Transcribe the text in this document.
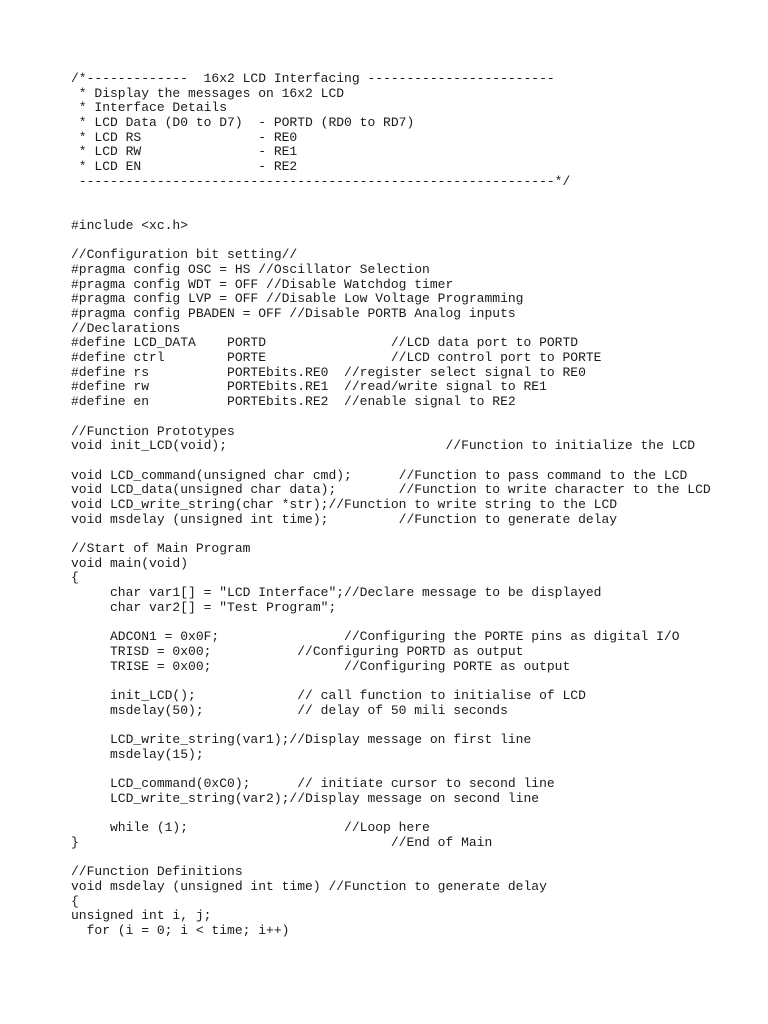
/*-------------  16x2 LCD Interfacing ------------------------
* Display the messages on 16x2 LCD
* Interface Details
* LCD Data (D0 to D7)  - PORTD (RD0 to RD7)
* LCD RS               - RE0
* LCD RW               - RE1
* LCD EN               - RE2
-------------------------------------------------------------*/
#include <xc.h>
//Configuration bit setting//
#pragma config OSC = HS //Oscillator Selection
#pragma config WDT = OFF //Disable Watchdog timer
#pragma config LVP = OFF //Disable Low Voltage Programming
#pragma config PBADEN = OFF //Disable PORTB Analog inputs
//Declarations
#define LCD_DATA    PORTD                //LCD data port to PORTD
#define ctrl        PORTE                //LCD control port to PORTE
#define rs          PORTEbits.RE0  //register select signal to RE0
#define rw          PORTEbits.RE1  //read/write signal to RE1
#define en          PORTEbits.RE2  //enable signal to RE2
//Function Prototypes
void init_LCD(void);                            //Function to initialize the LCD
void LCD_command(unsigned char cmd);      //Function to pass command to the LCD
void LCD_data(unsigned char data);        //Function to write character to the LCD
void LCD_write_string(char *str);//Function to write string to the LCD
void msdelay (unsigned int time);         //Function to generate delay
//Start of Main Program
void main(void)
{
char var1[] = "LCD Interface";//Declare message to be displayed
char var2[] = "Test Program";
ADCON1 = 0x0F;                //Configuring the PORTE pins as digital I/O
TRISD = 0x00;           //Configuring PORTD as output
TRISE = 0x00;                 //Configuring PORTE as output
init_LCD();             // call function to initialise of LCD
msdelay(50);            // delay of 50 mili seconds
LCD_write_string(var1);//Display message on first line
msdelay(15);
LCD_command(0xC0);      // initiate cursor to second line
LCD_write_string(var2);//Display message on second line
while (1);                    //Loop here
}                                        //End of Main
//Function Definitions
void msdelay (unsigned int time) //Function to generate delay
{
unsigned int i, j;
for (i = 0; i < time; i++)
